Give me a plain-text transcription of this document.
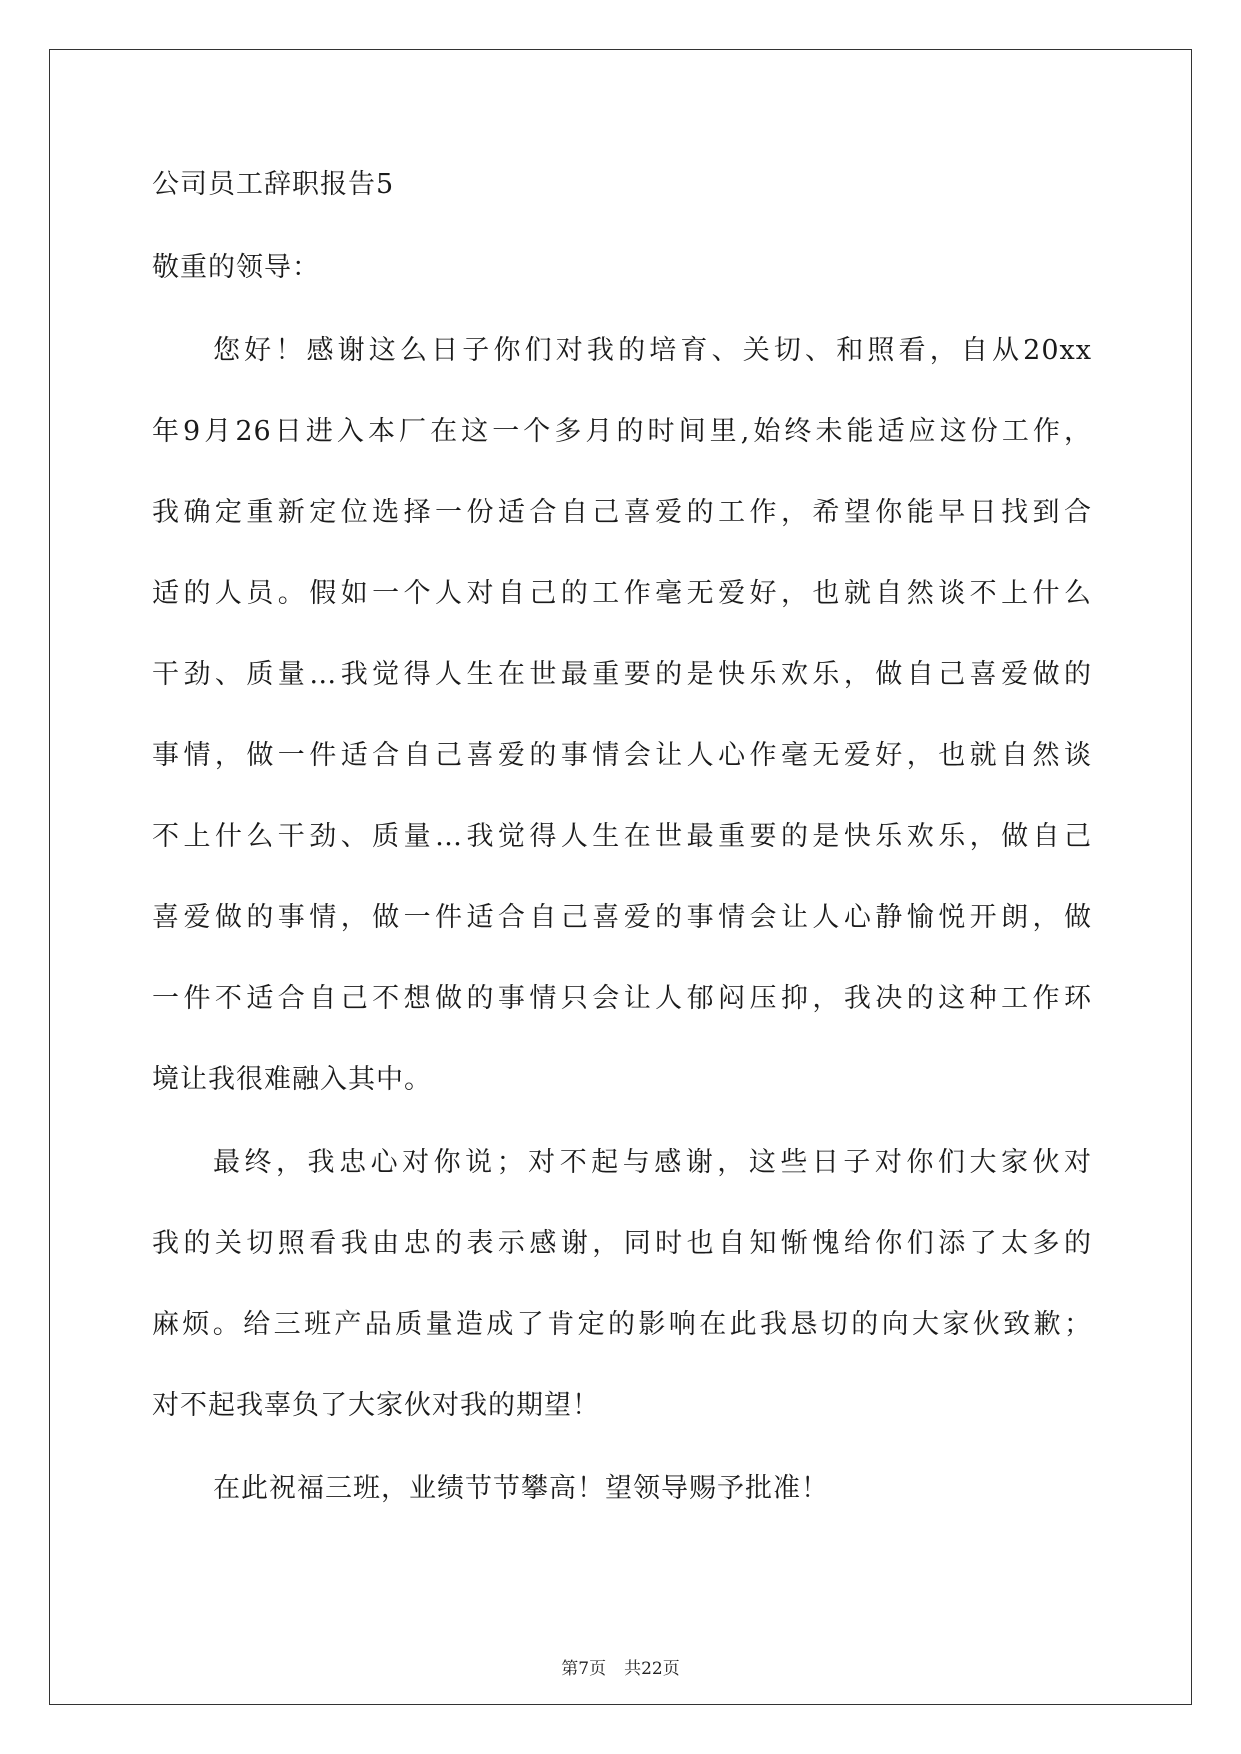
公司员工辞职报告5
敬重的领导：
您好！感谢这么日子你们对我的培育、关切、和照看，自从20xx
年9月26日进入本厂在这一个多月的时间里,始终未能适应这份工作，
我确定重新定位选择一份适合自己喜爱的工作，希望你能早日找到合
适的人员。假如一个人对自己的工作毫无爱好，也就自然谈不上什么
干劲、质量…我觉得人生在世最重要的是快乐欢乐，做自己喜爱做的
事情，做一件适合自己喜爱的事情会让人心作毫无爱好，也就自然谈
不上什么干劲、质量…我觉得人生在世最重要的是快乐欢乐，做自己
喜爱做的事情，做一件适合自己喜爱的事情会让人心静愉悦开朗，做
一件不适合自己不想做的事情只会让人郁闷压抑，我决的这种工作环
境让我很难融入其中。
最终，我忠心对你说；对不起与感谢，这些日子对你们大家伙对
我的关切照看我由忠的表示感谢，同时也自知惭愧给你们添了太多的
麻烦。给三班产品质量造成了肯定的影响在此我恳切的向大家伙致歉；
对不起我辜负了大家伙对我的期望！
在此祝福三班，业绩节节攀高！望领导赐予批准！
第7页 共22页
